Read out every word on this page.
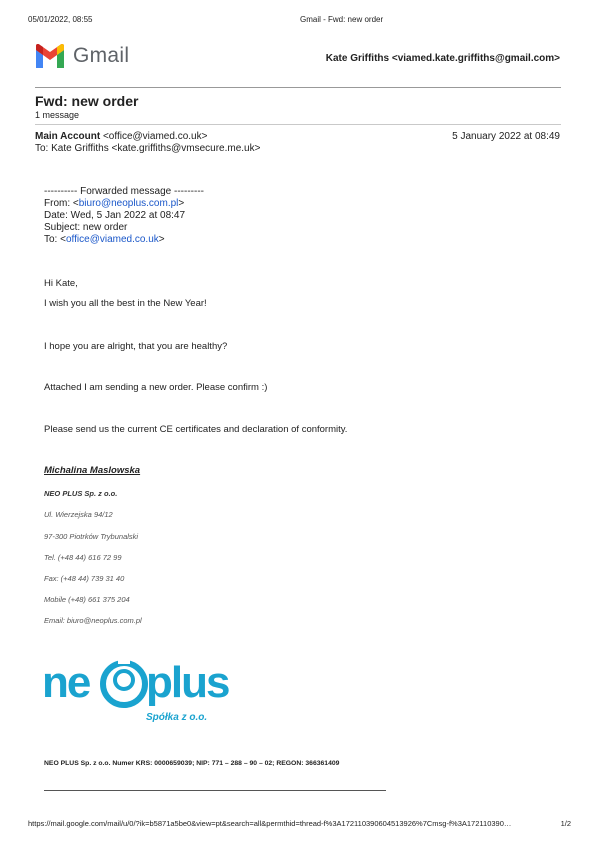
05/01/2022, 08:55	Gmail - Fwd: new order
Gmail	Kate Griffiths <viamed.kate.griffiths@gmail.com>
Fwd: new order
1 message
Main Account <office@viamed.co.uk>	5 January 2022 at 08:49
To: Kate Griffiths <kate.griffiths@vmsecure.me.uk>
---------- Forwarded message ---------
From: <biuro@neoplus.com.pl>
Date: Wed, 5 Jan 2022 at 08:47
Subject: new order
To: <office@viamed.co.uk>
Hi Kate,
I wish you all the best in the New Year!
I hope you are alright, that you are healthy?
Attached I am sending a new order. Please confirm :)
Please send us the current CE certificates and declaration of conformity.
Michalina Maslowska
NEO PLUS Sp. z o.o.
Ul. Wierzejska 94/12
97-300 Piotrków Trybunalski
Tel. (+48 44) 616 72 99
Fax: (+48 44) 739 31 40
Mobile (+48) 661 375 204
Email: biuro@neoplus.com.pl
ne plus
Spółka z o.o.
NEO PLUS Sp. z o.o. Numer KRS: 0000659039; NIP: 771 – 288 – 90 – 02; REGON: 366361409
https://mail.google.com/mail/u/0/?ik=b5871a5be0&view=pt&search=all&permthid=thread-f%3A1721103906045139​26%7Cmsg-f%3A172110390…	1/2
